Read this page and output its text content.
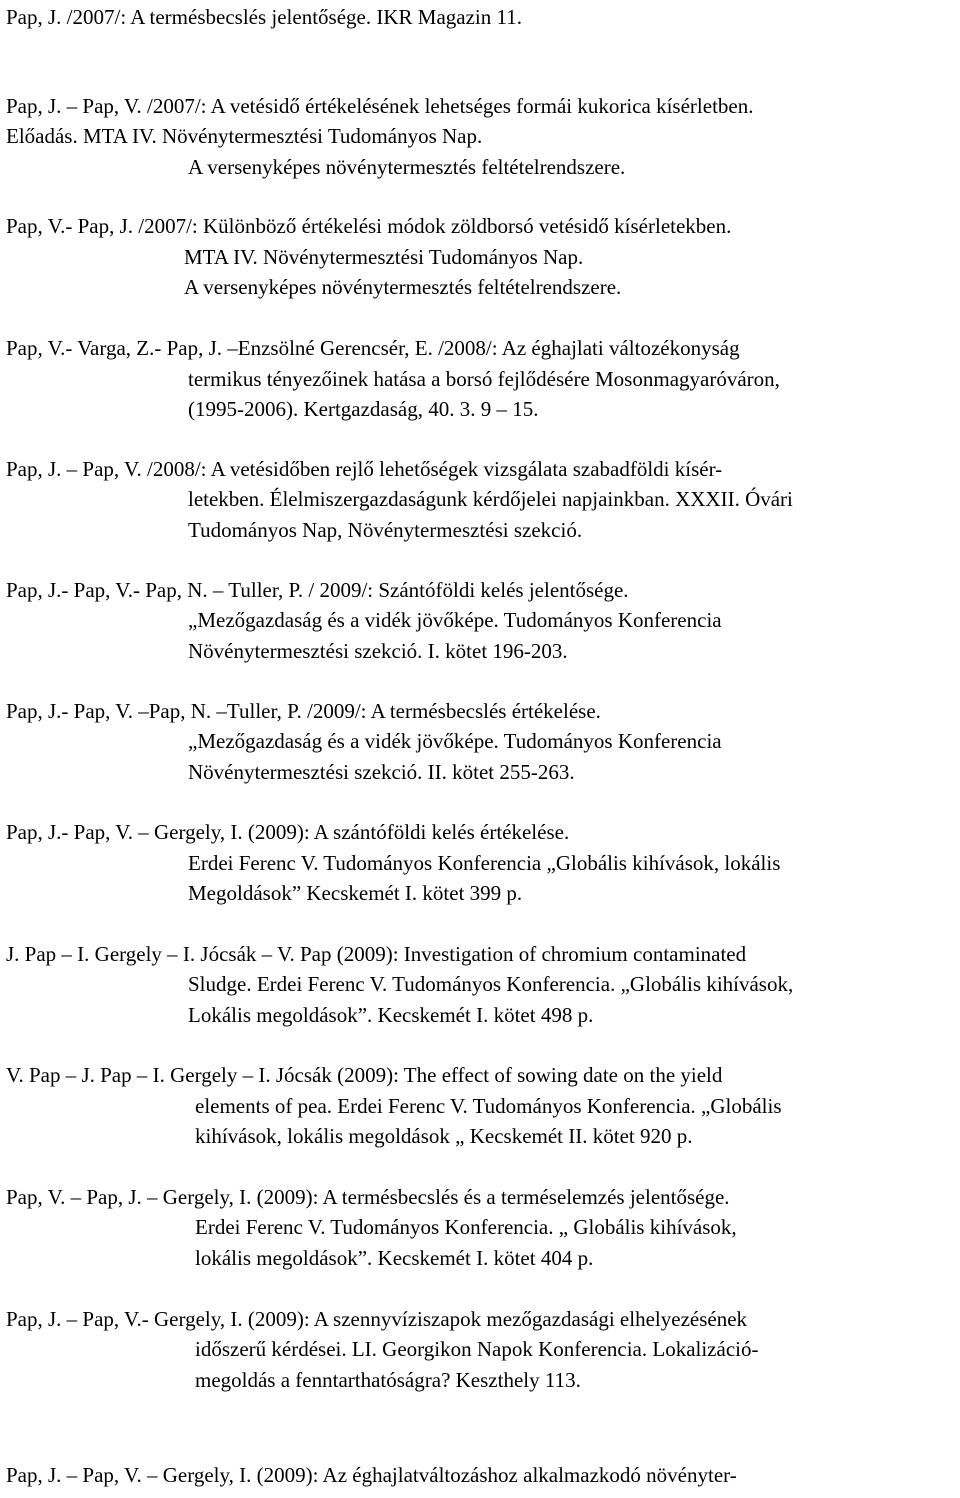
Pap, J. /2007/: A termésbecslés jelentősége. IKR Magazin 11.
Pap, J. – Pap, V. /2007/: A vetésidő értékelésének lehetséges formái kukorica kísérletben.
Előadás. MTA IV. Növénytermesztési Tudományos Nap.
A versenyképes növénytermesztés feltételrendszere.
Pap, V.- Pap, J. /2007/: Különböző értékelési módok zöldborsó vetésidő kísérletekben.
MTA IV. Növénytermesztési Tudományos Nap.
A versenyképes növénytermesztés feltételrendszere.
Pap, V.- Varga, Z.- Pap, J. –Enzsölné Gerencsér, E. /2008/: Az éghajlati változékonyság
termikus tényezőinek hatása a borsó fejlődésére Mosonmagyaróváron,
(1995-2006). Kertgazdaság, 40. 3. 9 – 15.
Pap, J. – Pap, V. /2008/: A vetésidőben rejlő lehetőségek vizsgálata szabadföldi kísér-
letekben. Élelmiszergazdaságunk kérdőjelei napjainkban. XXXII. Óvári
Tudományos Nap, Növénytermesztési szekció.
Pap, J.- Pap, V.- Pap, N. – Tuller, P. / 2009/: Szántóföldi kelés jelentősége.
„Mezőgazdaság és a vidék jövőképe. Tudományos Konferencia
Növénytermesztési szekció. I. kötet 196-203.
Pap, J.- Pap, V. –Pap, N. –Tuller, P. /2009/: A termésbecslés értékelése.
„Mezőgazdaság és a vidék jövőképe. Tudományos Konferencia
Növénytermesztési szekció. II. kötet 255-263.
Pap, J.- Pap, V. – Gergely, I. (2009): A szántóföldi kelés értékelése.
Erdei Ferenc V. Tudományos Konferencia „Globális kihívások, lokális
Megoldások” Kecskemét I. kötet 399 p.
J. Pap – I. Gergely – I. Jócsák – V. Pap (2009): Investigation of chromium contaminated
Sludge. Erdei Ferenc V. Tudományos Konferencia. „Globális kihívások,
Lokális megoldások”. Kecskemét I. kötet 498 p.
V. Pap – J. Pap – I. Gergely – I. Jócsák (2009): The effect of sowing date on the yield
elements of pea. Erdei Ferenc V. Tudományos Konferencia. „Globális
kihívások, lokális megoldások „ Kecskemét II. kötet 920 p.
Pap, V. – Pap, J. – Gergely, I. (2009): A termésbecslés és a terméselemzés jelentősége.
Erdei Ferenc V. Tudományos Konferencia. „ Globális kihívások,
lokális megoldások”. Kecskemét I. kötet 404 p.
Pap, J. – Pap, V.- Gergely, I. (2009): A szennyvíziszapok mezőgazdasági elhelyezésének
időszerű kérdései. LI. Georgikon Napok Konferencia. Lokalizáció-
megoldás a fenntarthatóságra? Keszthely 113.
Pap, J. – Pap, V. – Gergely, I. (2009): Az éghajlatváltozáshoz alkalmazkodó növényter-
